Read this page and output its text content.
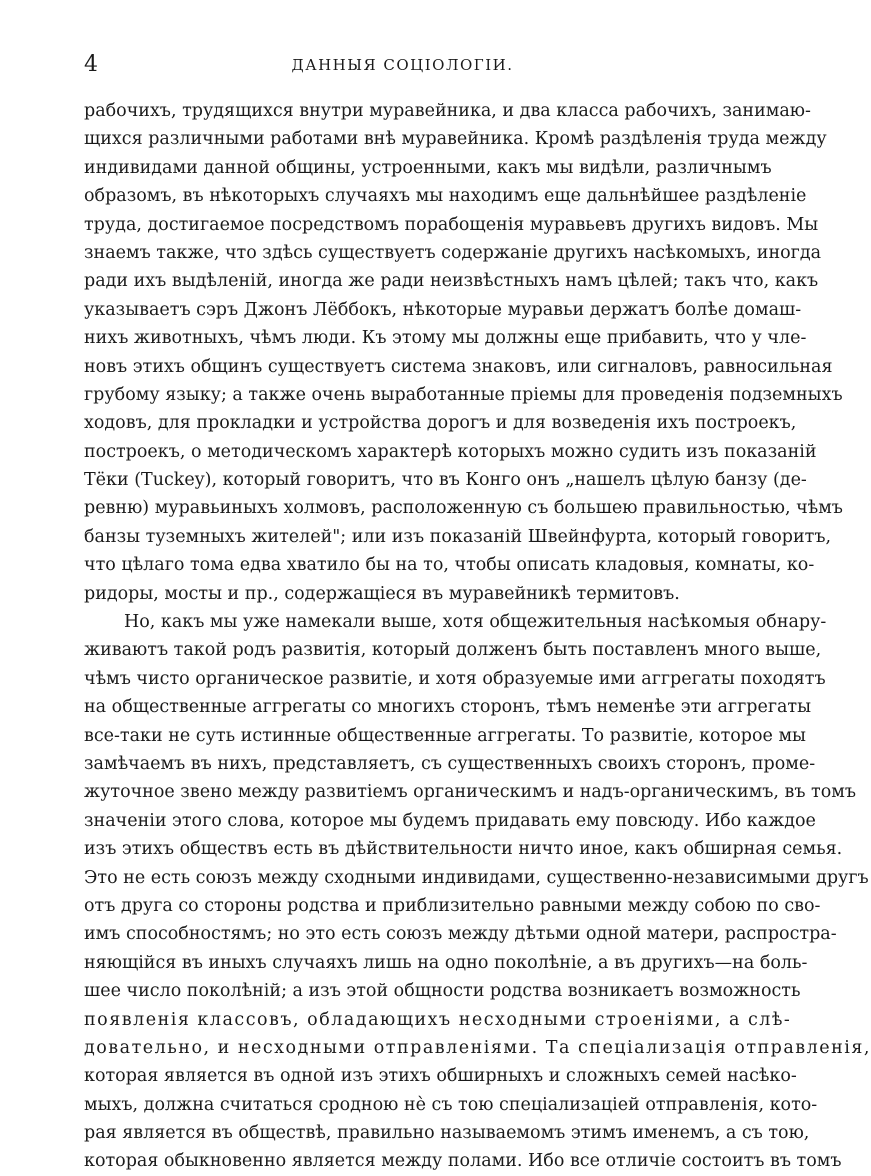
4	ДАННЫЯ СОЦІОЛОГІИ.
рабочихъ, трудящихся внутри муравейника, и два класса рабочихъ, занимаю-
щихся различными работами внѣ муравейника. Кромѣ раздѣленія труда между
индивидами данной общины, устроенными, какъ мы видѣли, различнымъ
образомъ, въ нѣкоторыхъ случаяхъ мы находимъ еще дальнѣйшее раздѣленіе
труда, достигаемое посредствомъ порабощенія муравьевъ другихъ видовъ. Мы
знаемъ также, что здѣсь существуетъ содержаніе другихъ насѣкомыхъ, иногда
ради ихъ выдѣленій, иногда же ради неизвѣстныхъ намъ цѣлей; такъ что, какъ
указываетъ сэръ Джонъ Лёббокъ, нѣкоторые муравьи держатъ болѣе домаш-
нихъ животныхъ, чѣмъ люди. Къ этому мы должны еще прибавить, что у чле-
новъ этихъ общинъ существуетъ система знаковъ, или сигналовъ, равносильная
грубому языку; а также очень выработанные пріемы для проведенія подземныхъ
ходовъ, для прокладки и устройства дорогъ и для возведенія ихъ построекъ,
построекъ, о методическомъ характерѣ которыхъ можно судить изъ показаній
Тёки (Tuckey), который говоритъ, что въ Конго онъ „нашелъ цѣлую банзу (де-
ревню) муравьиныхъ холмовъ, расположенную съ большею правильностью, чѣмъ
банзы туземныхъ жителей"; или изъ показаній Швейнфурта, который говоритъ,
что цѣлаго тома едва хватило бы на то, чтобы описать кладовыя, комнаты, ко-
ридоры, мосты и пр., содержащіеся въ муравейникѣ термитовъ.
Но, какъ мы уже намекали выше, хотя общежительныя насѣкомыя обнару-
живаютъ такой родъ развитія, который долженъ быть поставленъ много выше,
чѣмъ чисто органическое развитіе, и хотя образуемые ими аггрегаты походятъ
на общественные аггрегаты со многихъ сторонъ, тѣмъ неменѣе эти аггрегаты
все-таки не суть истинные общественные аггрегаты. То развитіе, которое мы
замѣчаемъ въ нихъ, представляетъ, съ существенныхъ своихъ сторонъ, проме-
жуточное звено между развитіемъ органическимъ и надъ-органическимъ, въ томъ
значеніи этого слова, которое мы будемъ придавать ему повсюду. Ибо каждое
изъ этихъ обществъ есть въ дѣйствительности ничто иное, какъ обширная семья.
Это не есть союзъ между сходными индивидами, существенно-независимыми другъ
отъ друга со стороны родства и приблизительно равными между собою по сво-
имъ способностямъ; но это есть союзъ между дѣтьми одной матери, распростра-
няющійся въ иныхъ случаяхъ лишь на одно поколѣніе, а въ другихъ—на боль-
шее число поколѣній; а изъ этой общности родства возникаетъ возможность
появленія классовъ, обладающихъ несходными строеніями, а слѣ-
довательно, и несходными отправленіями. Та спеціализація отправленія,
которая является въ одной изъ этихъ обширныхъ и сложныхъ семей насѣко-
мыхъ, должна считаться сродною нѐ съ тою спеціализаціей отправленія, кото-
рая является въ обществѣ, правильно называемомъ этимъ именемъ, а съ тою,
которая обыкновенно является между полами. Ибо все отличіе состоитъ въ томъ
